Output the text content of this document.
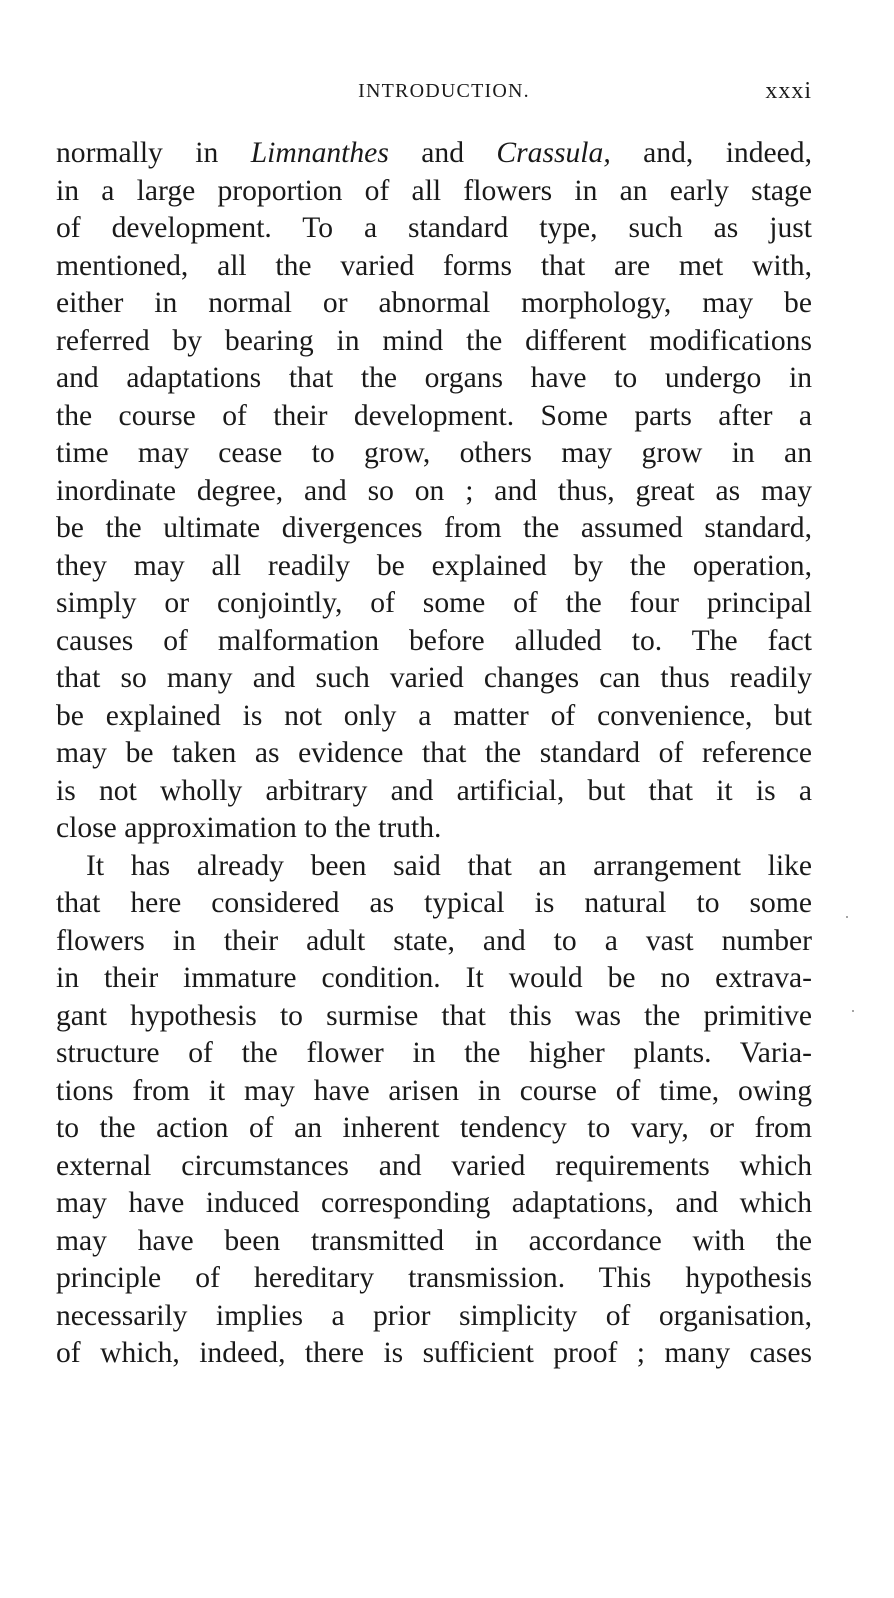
INTRODUCTION.	xxxi
normally in Limnanthes and Crassula, and, indeed,
in a large proportion of all flowers in an early stage
of development. To a standard type, such as just
mentioned, all the varied forms that are met with,
either in normal or abnormal morphology, may be
referred by bearing in mind the different modifications
and adaptations that the organs have to undergo in
the course of their development. Some parts after a
time may cease to grow, others may grow in an
inordinate degree, and so on ; and thus, great as may
be the ultimate divergences from the assumed standard,
they may all readily be explained by the operation,
simply or conjointly, of some of the four principal
causes of malformation before alluded to. The fact
that so many and such varied changes can thus readily
be explained is not only a matter of convenience, but
may be taken as evidence that the standard of reference
is not wholly arbitrary and artificial, but that it is a
close approximation to the truth.
It has already been said that an arrangement like
that here considered as typical is natural to some
flowers in their adult state, and to a vast number
in their immature condition. It would be no extrava-
gant hypothesis to surmise that this was the primitive
structure of the flower in the higher plants. Varia-
tions from it may have arisen in course of time, owing
to the action of an inherent tendency to vary, or from
external circumstances and varied requirements which
may have induced corresponding adaptations, and which
may have been transmitted in accordance with the
principle of hereditary transmission. This hypothesis
necessarily implies a prior simplicity of organisation,
of which, indeed, there is sufficient proof ; many cases
